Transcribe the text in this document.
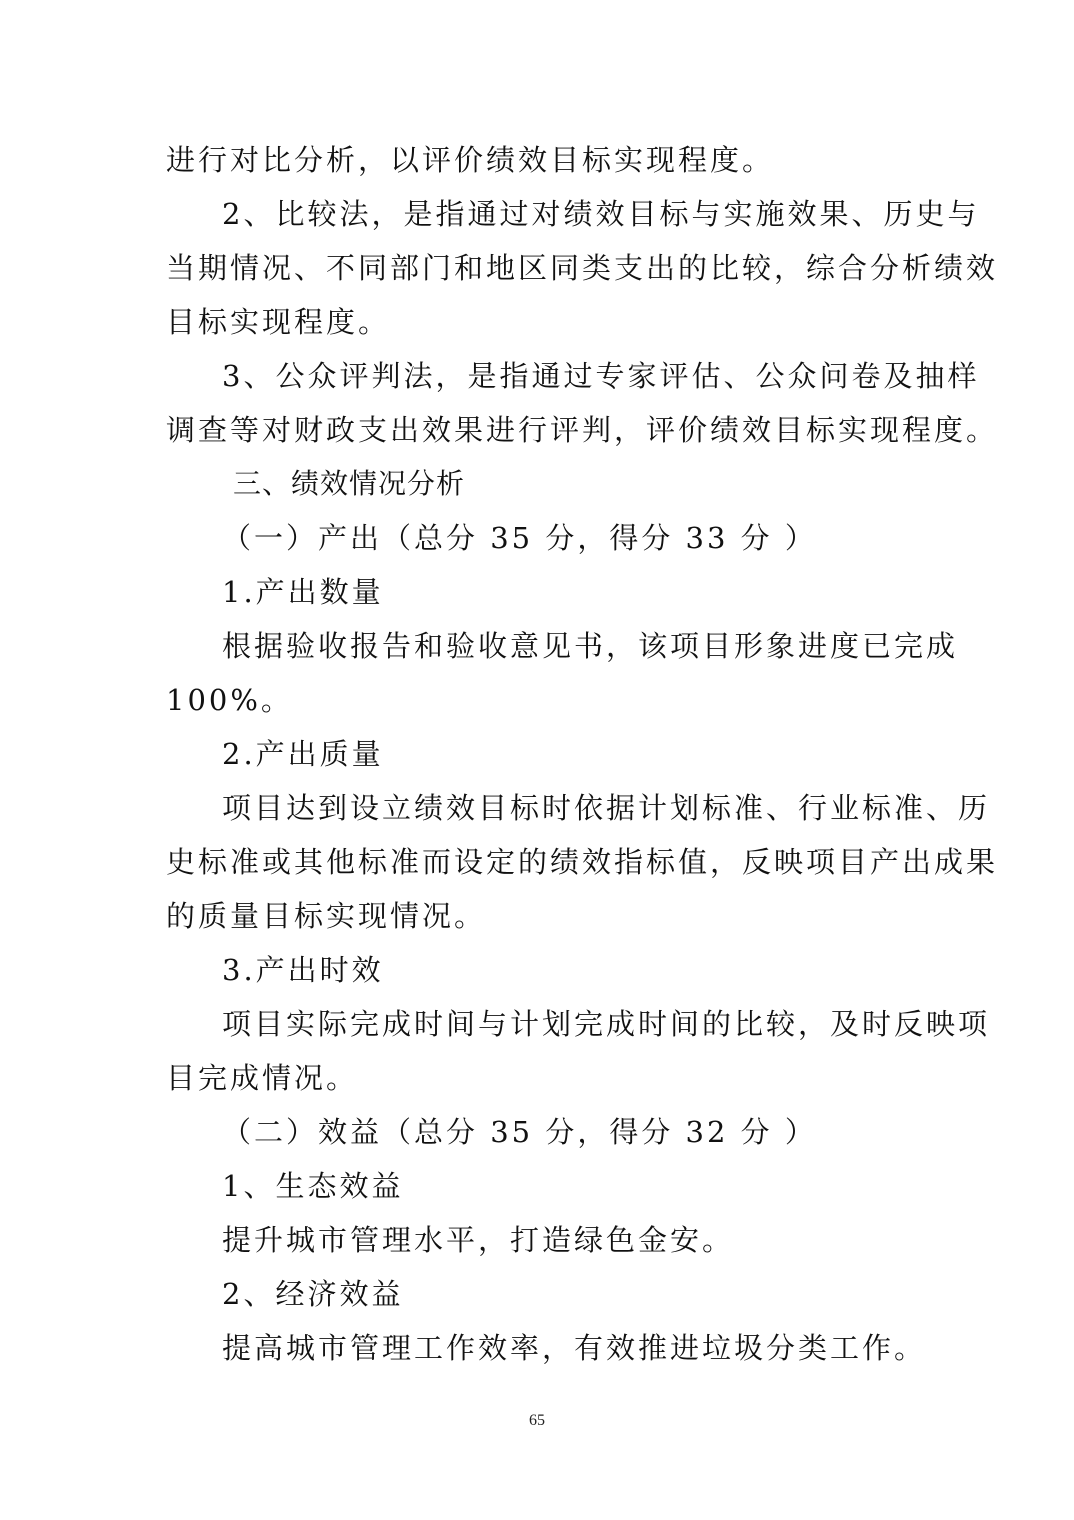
进行对比分析，以评价绩效目标实现程度。
2、比较法，是指通过对绩效目标与实施效果、历史与
当期情况、不同部门和地区同类支出的比较，综合分析绩效
目标实现程度。
3、公众评判法，是指通过专家评估、公众问卷及抽样
调查等对财政支出效果进行评判，评价绩效目标实现程度。
三、绩效情况分析
（一）产出（总分 35 分，得分 33 分 ）
1.产出数量
根据验收报告和验收意见书，该项目形象进度已完成
100%。
2.产出质量
项目达到设立绩效目标时依据计划标准、行业标准、历
史标准或其他标准而设定的绩效指标值，反映项目产出成果
的质量目标实现情况。
3.产出时效
项目实际完成时间与计划完成时间的比较，及时反映项
目完成情况。
（二）效益（总分 35 分，得分 32 分 ）
1、生态效益
提升城市管理水平，打造绿色金安。
2、经济效益
提高城市管理工作效率，有效推进垃圾分类工作。
65
